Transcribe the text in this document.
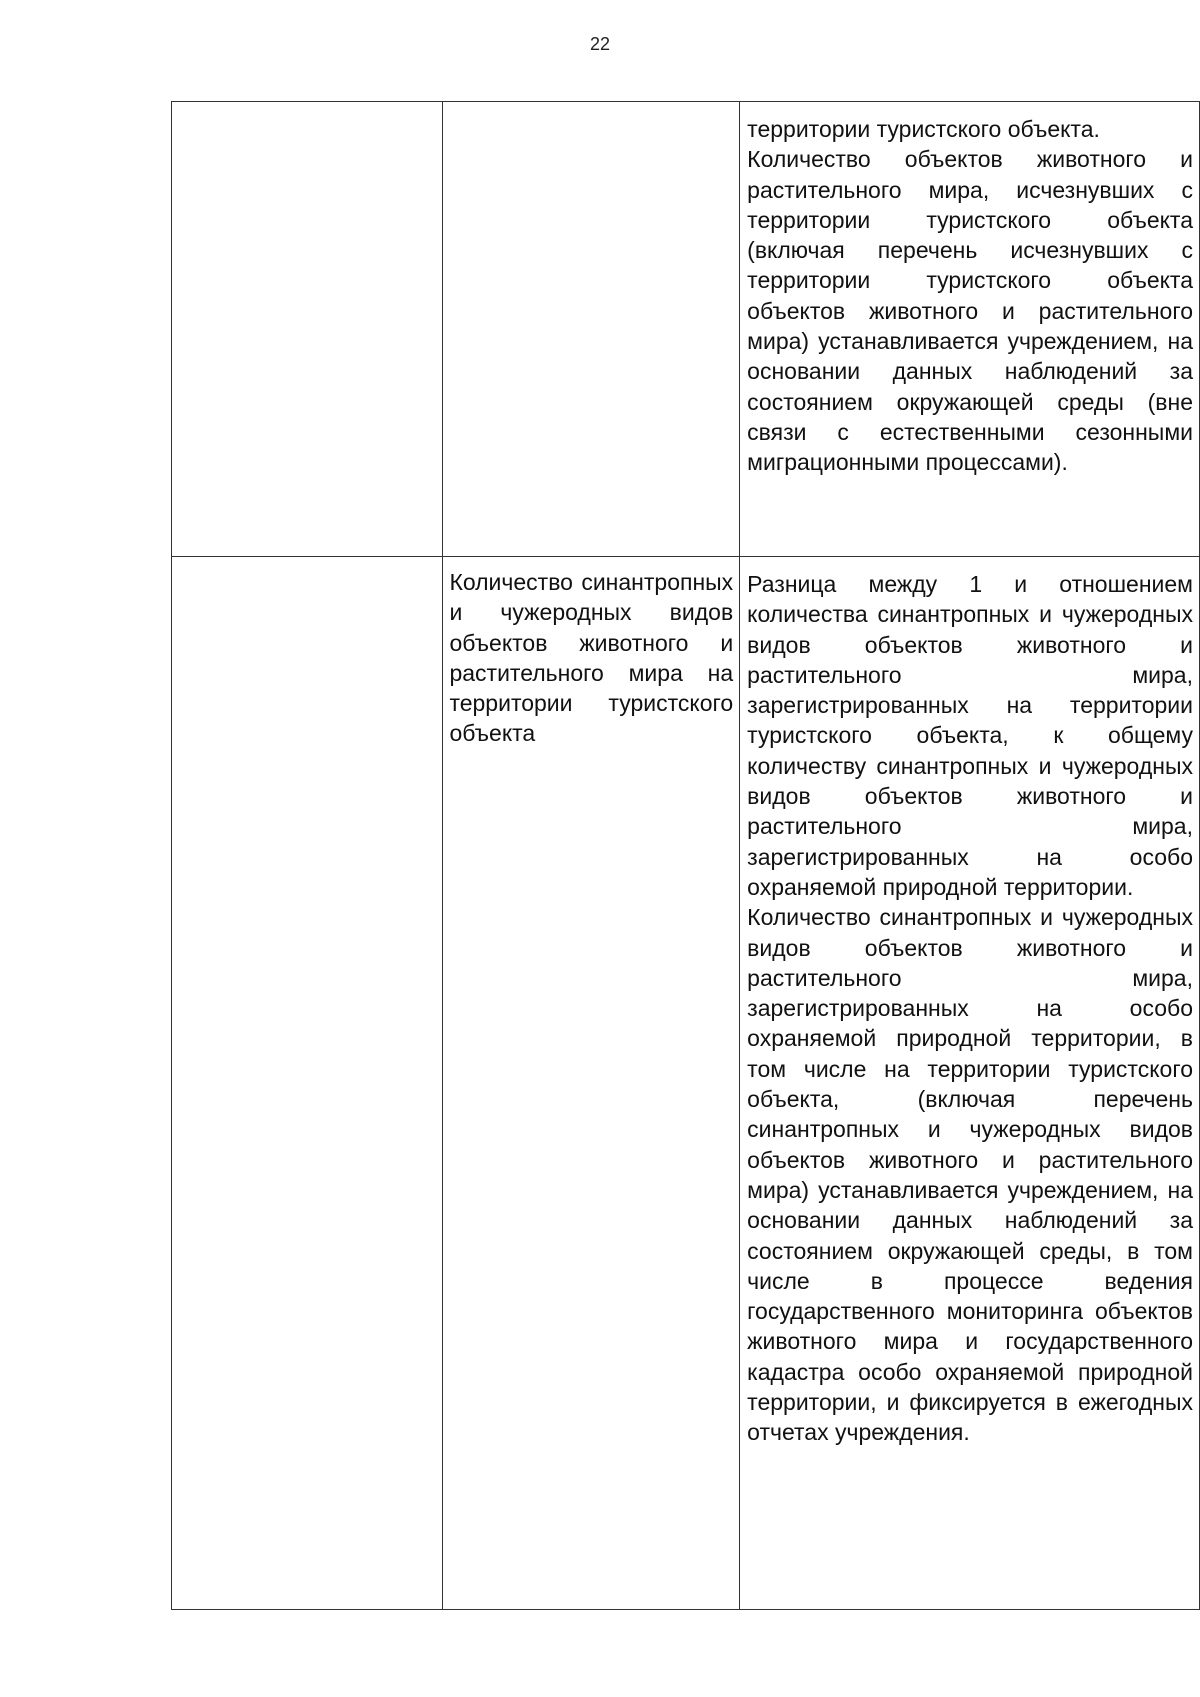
22

		территории туристского объекта.

Количество объектов животного и растительного мира, исчезнувших с территории туристского объекта (включая перечень исчезнувших с территории туристского объекта объектов животного и растительного мира) устанавливается учреждением, на основании данных наблюдений за состоянием окружающей среды (вне связи с естественными сезонными миграционными процессами).

	Количество синантропных и чужеродных видов объектов животного и растительного мира на территории туристского объекта	Разница между 1 и отношением количества синантропных и чужеродных видов объектов животного и растительного мира, зарегистрированных на территории туристского объекта, к общему количеству синантропных и чужеродных видов объектов животного и растительного мира, зарегистрированных на особо охраняемой природной территории.

Количество синантропных и чужеродных видов объектов животного и растительного мира, зарегистрированных на особо охраняемой природной территории, в том числе на территории туристского объекта, (включая перечень синантропных и чужеродных видов объектов животного и растительного мира) устанавливается учреждением, на основании данных наблюдений за состоянием окружающей среды, в том числе в процессе ведения государственного мониторинга объектов животного мира и государственного кадастра особо охраняемой природной территории, и фиксируется в ежегодных отчетах учреждения.
